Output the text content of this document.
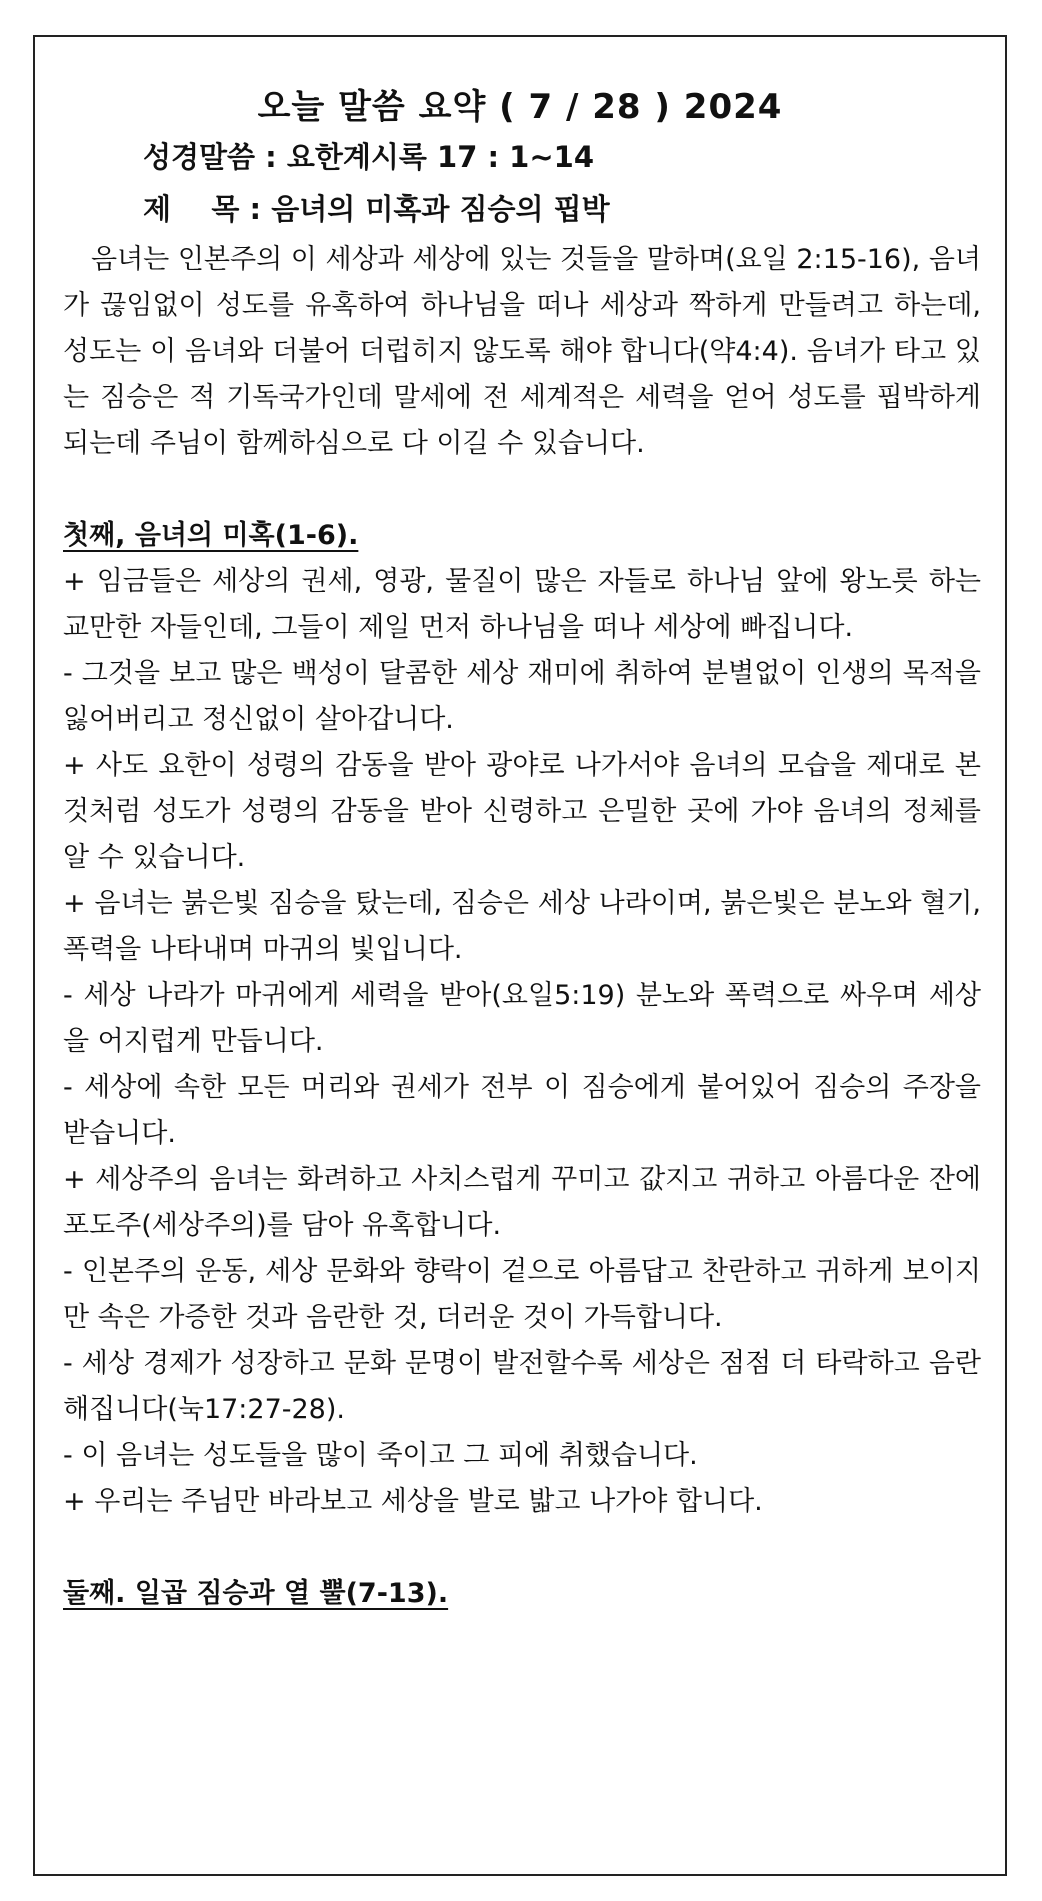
오늘 말씀 요약 ( 7 / 28 ) 2024
성경말씀 : 요한계시록 17 : 1~14
제    목 : 음녀의 미혹과 짐승의 핍박

음녀는 인본주의 이 세상과 세상에 있는 것들을 말하며(요일 2:15-16), 음녀가 끊임없이 성도를 유혹하여 하나님을 떠나 세상과 짝하게 만들려고 하는데, 성도는 이 음녀와 더불어 더럽히지 않도록 해야 합니다(약4:4). 음녀가 타고 있는 짐승은 적 기독국가인데 말세에 전 세계적은 세력을 얻어 성도를 핍박하게 되는데 주님이 함께하심으로 다 이길 수 있습니다.

첫째, 음녀의 미혹(1-6).

+ 임금들은 세상의 권세, 영광, 물질이 많은 자들로 하나님 앞에 왕노릇 하는 교만한 자들인데, 그들이 제일 먼저 하나님을 떠나 세상에 빠집니다.

- 그것을 보고 많은 백성이 달콤한 세상 재미에 취하여 분별없이 인생의 목적을 잃어버리고 정신없이 살아갑니다.

+ 사도 요한이 성령의 감동을 받아 광야로 나가서야 음녀의 모습을 제대로 본 것처럼 성도가 성령의 감동을 받아 신령하고 은밀한 곳에 가야 음녀의 정체를 알 수 있습니다.

+ 음녀는 붉은빛 짐승을 탔는데, 짐승은 세상 나라이며, 붉은빛은 분노와 혈기, 폭력을 나타내며 마귀의 빛입니다.

- 세상 나라가 마귀에게 세력을 받아(요일5:19) 분노와 폭력으로 싸우며 세상을 어지럽게 만듭니다.

- 세상에 속한 모든 머리와 권세가 전부 이 짐승에게 붙어있어 짐승의 주장을 받습니다.

+ 세상주의 음녀는 화려하고 사치스럽게 꾸미고 값지고 귀하고 아름다운 잔에 포도주(세상주의)를 담아 유혹합니다.

- 인본주의 운동, 세상 문화와 향락이 겉으로 아름답고 찬란하고 귀하게 보이지만 속은 가증한 것과 음란한 것, 더러운 것이 가득합니다.

- 세상 경제가 성장하고 문화 문명이 발전할수록 세상은 점점 더 타락하고 음란해집니다(눅17:27-28).

- 이 음녀는 성도들을 많이 죽이고 그 피에 취했습니다.

+ 우리는 주님만 바라보고 세상을 발로 밟고 나가야 합니다.

둘째. 일곱 짐승과 열 뿔(7-13).
